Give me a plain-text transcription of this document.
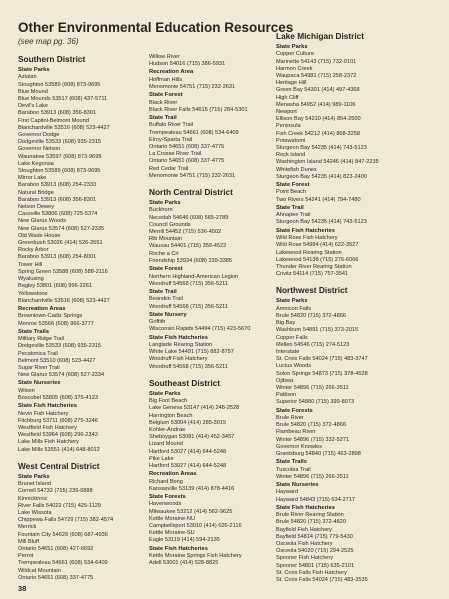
Other Environmental Education Resources
(see map pg. 36)
Southern District
State Parks
Aztalan
Stoughton 53589 (608) 873-9695
Blue Mound
Blue Mounds 53517 (608) 437-5711
Devil's Lake
Baraboo 53913 (608) 356-8301
First Capitol-Belmont Mound
Blanchardville 53516 (608) 523-4427
Governor Dodge
Dodgeville 53533 (608) 935-2315
Governor Nelson
Waunakee 53597 (608) 873-9695
Lake Kegonsa
Stoughton 53589 (608) 873-9695
Mirror Lake
Baraboo 53913 (608) 254-2333
Natural Bridge
Baraboo 53913 (608) 356-8301
Nelson Dewey
Cassville 53806 (608) 725-5374
New Glarus Woods
New Glarus 53574 (608) 527-2335
Old Wade House
Greenbush 53026 (414) 526-3551
Rocky Arbor
Baraboo 53913 (608) 254-8001
Tower Hill
Spring Green 53588 (608) 588-2116
Wyalusing
Bagley 53801 (608) 996-2261
Yellowstone
Blanchardville 53516 (608) 523-4427
Recreation Areas
Browntown-Cadiz Springs
Monroe 53566 (608) 966-3777
State Trails
Military Ridge Trail
Dodgeville 53533 (608) 935-2315
Pecatonica Trail
Belmont 53510 (608) 523-4427
Sugar River Trail
New Glarus 53574 (608) 527-2334
State Nurseries
Wilson
Boscobel 53805 (608) 375-4123
State Fish Hatcheries
Nevin Fish Hatchery
Fitchburg 53711 (608) 275-3246
Westfield Fish Hatchery
Westfield 53964 (608) 296-2343
Lake Mills Fish Hatchery
Lake Mills 53551 (414) 648-8012
West Central District
State Parks
Brunet Island
Cornell 54732 (715) 239-6888
Kinnickinnic
River Falls 54022 (715) 425-1129
Lake Wissota
Chippewa Falls 54729 (715) 382-4574
Merrick
Fountain City 54629 (608) 687-4936
Mill Bluff
Ontario 54651 (608) 427-6692
Perrot
Trempealeau 54661 (608) 534-6409
Wildcat Mountain
Ontario 54651 (608) 337-4775
Willow River
Hudson 54016 (715) 386-5931
Recreation Area
Hoffman Hills
Menomonie 54751 (715) 232-2631
State Forest
Black River
Black River Falls 54615 (715) 284-5301
State Trail
Buffalo River Trail
Trempealeau 54661 (608) 534-6409
Elroy-Sparta Trail
Ontario 54651 (608) 337-4775
La Crosse River Trail
Ontario 54651 (608) 337-4775
Red Cedar Trail
Menomonie 54751 (715) 232-2631
North Central District
State Parks
Buckhorn
Necedah 54646 (608) 565-2789
Council Grounds
Merrill 54452 (715) 536-4502
Rib Mountain
Wausau 54401 (715) 359-4522
Roche a Cri
Friendship 53934 (608) 339-3385
State Forest
Northern Highland-American Legion
Woodruff 54568 (715) 356-5211
State Trail
Bearskin Trail
Woodruff 54568 (715) 356-5211
State Nursery
Griffith
Wisconsin Rapids 54494 (715) 423-5670
State Fish Hatcheries
Langlade Rearing Station
White Lake 54491 (715) 882-8757
Woodruff Fish Hatchery
Woodruff 54568 (715) 356-5211
Southeast District
State Parks
Big Foot Beach
Lake Geneva 53147 (414) 248-2528
Harrington Beach
Belgium 53004 (414) 285-3015
Kohler-Andrae
Sheboygan 53081 (414) 452-3457
Lizard Mound
Hartford 53027 (414) 644-5248
Pike Lake
Hartford 53027 (414) 644-5248
Recreation Areas
Richard Bong
Kansasville 53139 (414) 878-4416
State Forests
Havenwoods
Milwaukee 53212 (414) 562-9625
Kettle Moraine-NU
Campbellsport 53010 (414) 626-2116
Kettle Moraine-SU
Eagle 53119 (414) 594-2135
State Fish Hatcheries
Kettle Moraine Springs Fish Hatchery
Adell 53001 (414) 528-8825
Lake Michigan District
State Parks
Copper Culture
Marinette 54143 (715) 732-0101
Harmon Creek
Waupaca 54981 (715) 258-2372
Heritage Hill
Green Bay 54301 (414) 497-4368
High Cliff
Menasha 54952 (414) 989-1106
Newport
Ellison Bay 54210 (414) 854-2500
Peninsula
Fish Creek 54212 (414) 868-3258
Potawatomi
Sturgeon Bay 54235 (414) 743-5123
Rock Island
Washington Island 54246 (414) 847-2235
Whitefish Dunes
Sturgeon Bay 54235 (414) 823-2400
State Forest
Point Beach
Two Rivers 54241 (414) 794-7480
State Trail
Ahnapee Trail
Sturgeon Bay 54235 (414) 743-5123
State Fish Hatcheries
Wild Rose Fish Hatchery
Wild Rose 54984 (414) 622-3527
Lakewood Rearing Station
Lakewood 54138 (715) 276-6066
Thunder River Rearing Station
Crivitz 54114 (715) 757-3541
Northwest District
State Parks
Amnicon Falls
Brule 54820 (715) 372-4866
Big Bay
Washburn 54891 (715) 373-2015
Copper Falls
Mellen 54546 (715) 274-5123
Interstate
St. Croix Falls 54024 (715) 483-3747
Lucius Woods
Solon Springs 54873 (715) 378-4528
Ojibwa
Winter 54896 (715) 266-3511
Pattison
Superior 54880 (715) 399-8073
State Forests
Brule River
Brule 54820 (715) 372-4866
Flambeau River
Winter 54896 (715) 332-5271
Governor Knowles
Grantsburg 54840 (715) 463-2898
State Trails
Tuscobia Trail
Winter 54896 (715) 266-3511
State Nurseries
Hayward
Hayward 54843 (715) 634-2717
State Fish Hatcheries
Brule River Rearing Station
Brule 54820 (715) 372-4820
Bayfield Fish Hatchery
Bayfield 54814 (715) 779-5430
Osceola Fish Hatchery
Osceola 54020 (715) 294-2525
Spooner Fish Hatchery
Spooner 54801 (715) 635-2101
St. Croix Falls Fish Hatchery
St. Croix Falls 54024 (715) 483-3535
38
